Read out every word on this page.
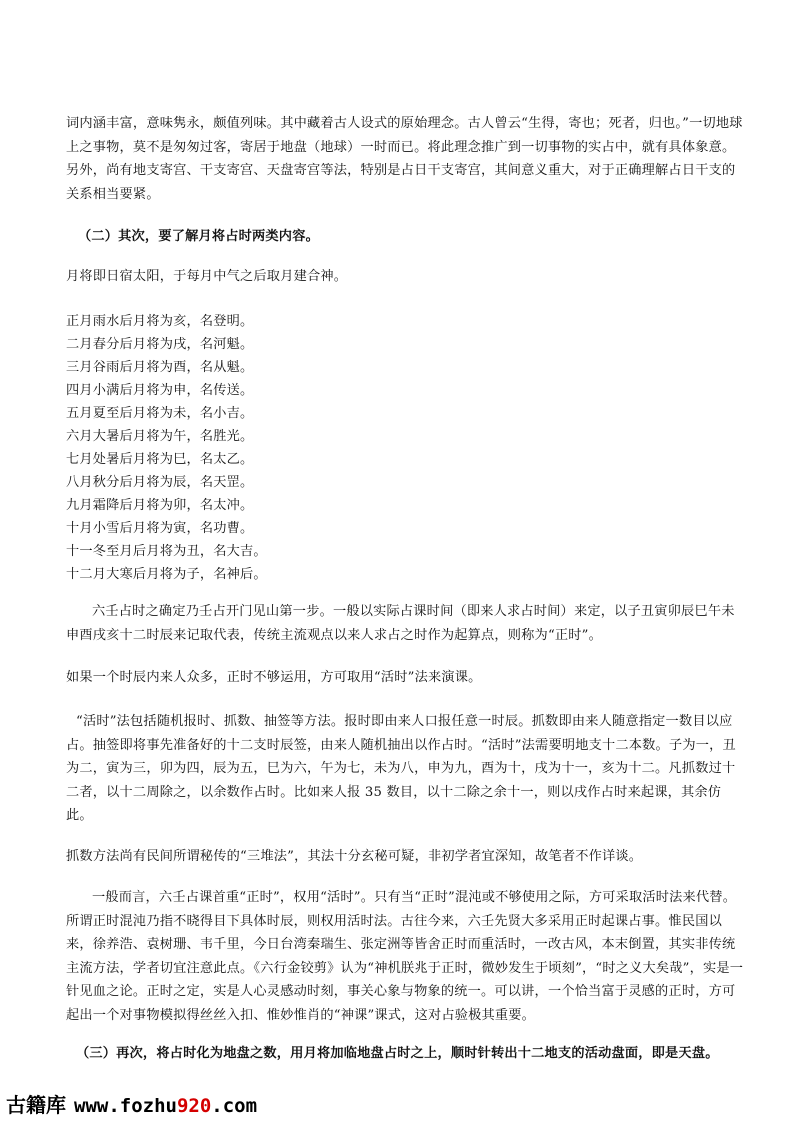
词内涵丰富，意味隽永，颇值列味。其中藏着古人设式的原始理念。古人曾云“生得，寄也；死者，归也。”一切地球上之事物，莫不是匆匆过客，寄居于地盘（地球）一时而已。将此理念推广到一切事物的实占中，就有具体象意。另外，尚有地支寄宫、干支寄宫、天盘寄宫等法，特别是占日干支寄宫，其间意义重大，对于正确理解占日干支的关系相当要紧。

（二）其次，要了解月将占时两类内容。

月将即日宿太阳，于每月中气之后取月建合神。

正月雨水后月将为亥，名登明。

二月春分后月将为戌，名河魁。

三月谷雨后月将为酉，名从魁。

四月小满后月将为申，名传送。

五月夏至后月将为未，名小吉。

六月大暑后月将为午，名胜光。

七月处暑后月将为巳，名太乙。

八月秋分后月将为辰，名天罡。

九月霜降后月将为卯，名太冲。

十月小雪后月将为寅，名功曹。

十一冬至月后月将为丑，名大吉。

十二月大寒后月将为子，名神后。

六壬占时之确定乃壬占开门见山第一步。一般以实际占课时间（即来人求占时间）来定，以子丑寅卯辰巳午未申酉戌亥十二时辰来记取代表，传统主流观点以来人求占之时作为起算点，则称为“正时”。

如果一个时辰内来人众多，正时不够运用，方可取用“活时”法来演课。

“活时”法包括随机报时、抓数、抽签等方法。报时即由来人口报任意一时辰。抓数即由来人随意指定一数目以应占。抽签即将事先准备好的十二支时辰签，由来人随机抽出以作占时。“活时”法需要明地支十二本数。子为一，丑为二，寅为三，卯为四，辰为五，巳为六，午为七，未为八，申为九，酉为十，戌为十一，亥为十二。凡抓数过十二者，以十二周除之，以余数作占时。比如来人报 35 数目，以十二除之余十一，则以戌作占时来起课，其余仿此。

抓数方法尚有民间所谓秘传的“三堆法”，其法十分玄秘可疑，非初学者宜深知，故笔者不作详谈。

一般而言，六壬占课首重“正时”，权用“活时”。只有当“正时”混沌或不够使用之际，方可采取活时法来代替。所谓正时混沌乃指不晓得目下具体时辰，则权用活时法。古往今来，六壬先贤大多采用正时起课占事。惟民国以来，徐养浩、袁树珊、韦千里，今日台湾秦瑞生、张定洲等皆舍正时而重活时，一改古风，本末倒置，其实非传统主流方法，学者切宜注意此点。《六行金铰剪》认为“神机朕兆于正时，微妙发生于顷刻”，“时之义大矣哉”，实是一针见血之论。正时之定，实是人心灵感动时刻，事关心象与物象的统一。可以讲，一个恰当富于灵感的正时，方可起出一个对事物模拟得丝丝入扣、惟妙惟肖的“神课”课式，这对占验极其重要。

（三）再次，将占时化为地盘之数，用月将加临地盘占时之上，顺时针转出十二地支的活动盘面，即是天盘。

古籍库 www.fozhu920.com
